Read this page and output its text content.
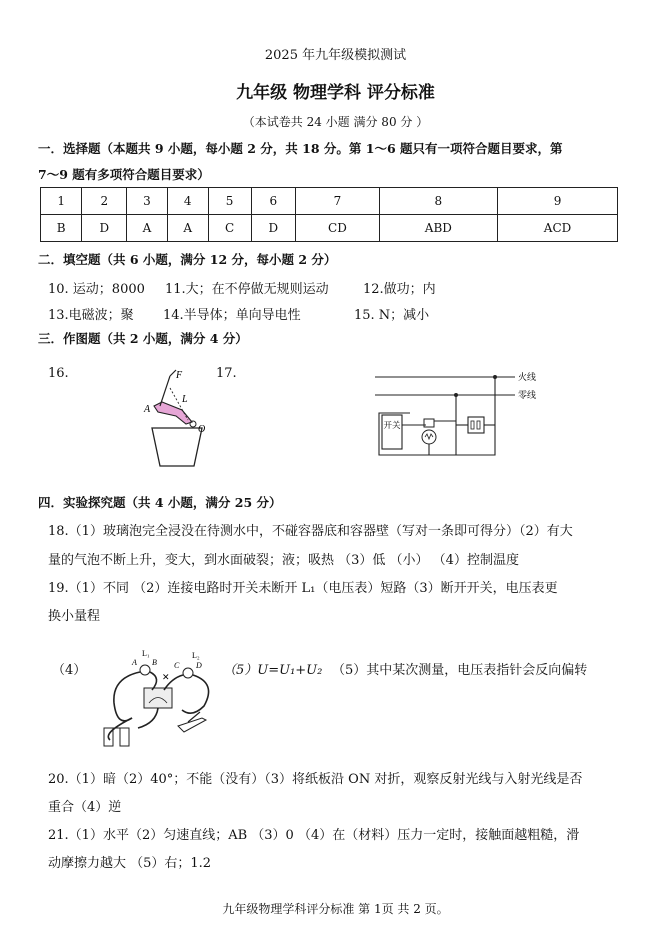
2025 年九年级模拟测试
九年级 物理学科 评分标准
（本试卷共 24 小题 满分 80 分 ）
一．选择题（本题共 9 小题，每小题 2 分，共 18 分。第 1～6 题只有一项符合题目要求，第
7～9 题有多项符合题目要求）
1	2	3	4	5	6	7	8	9
B	D	A	A	C	D	CD	ABD	ACD
二．填空题（共 6 小题，满分 12 分，每小题 2 分）
10. 运动；8000 11.大；在不停做无规则运动	12.做功；内
13.电磁波；聚 14.半导体；单向导电性	15. N；减小
三．作图题（共 2 小题，满分 4 分）
16.	17.
F
L
A
O
火线
零线
开关
四．实验探究题（共 4 小题，满分 25 分）
18.（1）玻璃泡完全浸没在待测水中，不碰容器底和容器壁（写对一条即可得分）（2）有大
量的气泡不断上升，变大，到水面破裂；液；吸热 （3）低 （小） （4）控制温度
19.（1）不同 （2）连接电路时开关未断开 L₁（电压表）短路（3）断开开关，电压表更
换小量程
（4）
L₁	L₂
A B C D
✕	（5）U=U₁+U₂ （5）其中某次测量，电压表指针会反向偏转
20.（1）暗（2）40°；不能（没有）（3）将纸板沿 ON 对折，观察反射光线与入射光线是否
重合（4）逆
21.（1）水平（2）匀速直线；AB （3）0 （4）在（材料）压力一定时，接触面越粗糙，滑
动摩擦力越大 （5）右；1.2
九年级物理学科评分标准 第 1页 共 2 页。
